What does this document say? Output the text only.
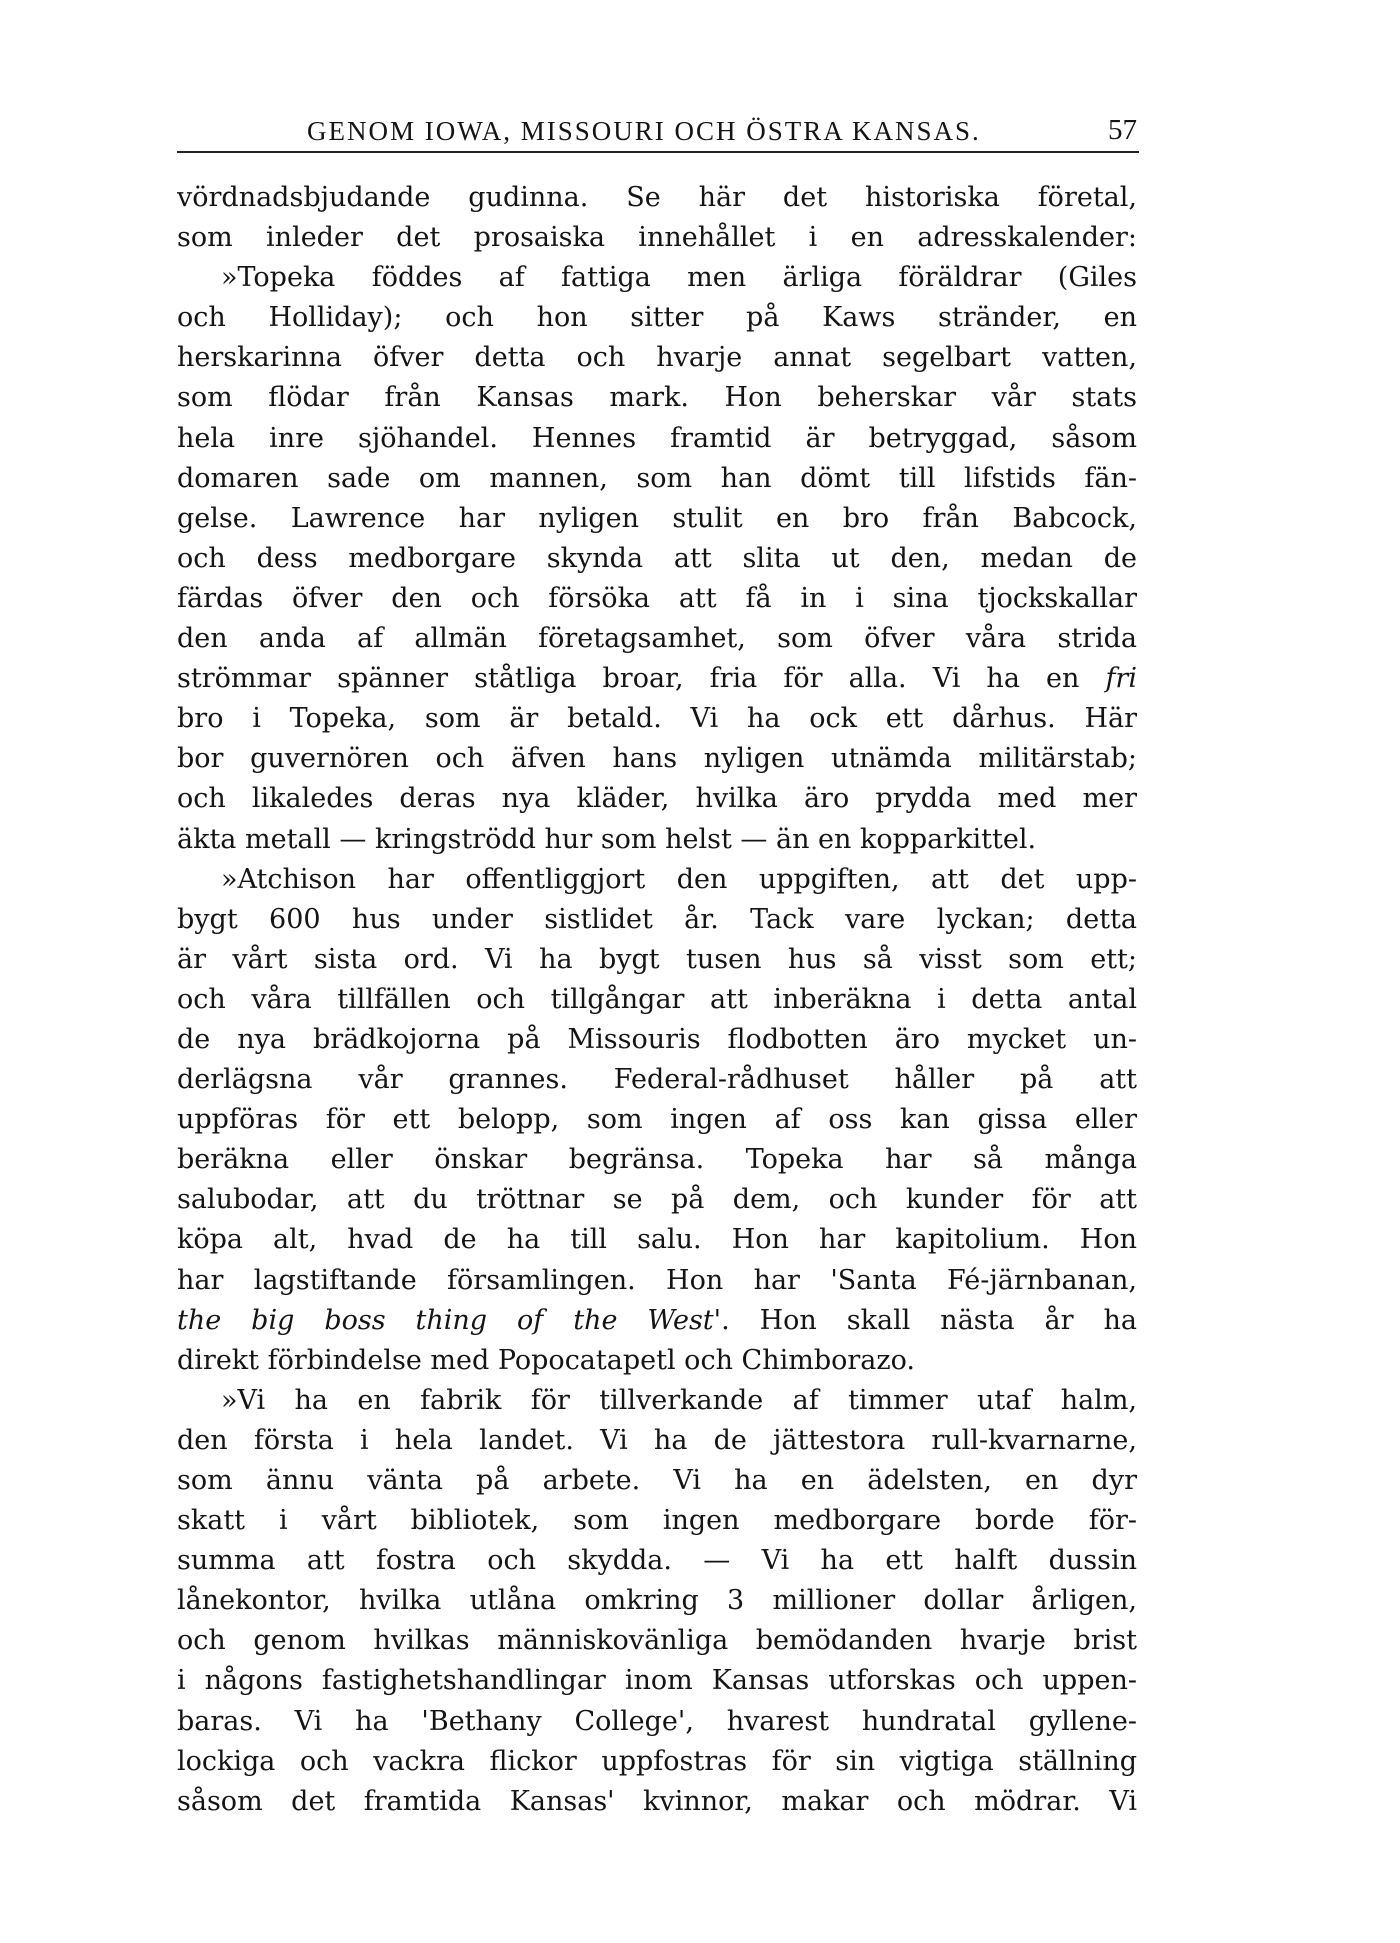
GENOM IOWA, MISSOURI OCH ÖSTRA KANSAS.	57
vördnadsbjudande gudinna. Se här det historiska företal,
som inleder det prosaiska innehållet i en adresskalender:
»Topeka föddes af fattiga men ärliga föräldrar (Giles
och Holliday); och hon sitter på Kaws stränder, en
herskarinna öfver detta och hvarje annat segelbart vatten,
som flödar från Kansas mark. Hon beherskar vår stats
hela inre sjöhandel. Hennes framtid är betryggad, såsom
domaren sade om mannen, som han dömt till lifstids fän-
gelse. Lawrence har nyligen stulit en bro från Babcock,
och dess medborgare skynda att slita ut den, medan de
färdas öfver den och försöka att få in i sina tjockskallar
den anda af allmän företagsamhet, som öfver våra strida
strömmar spänner ståtliga broar, fria för alla. Vi ha en fri
bro i Topeka, som är betald. Vi ha ock ett dårhus. Här
bor guvernören och äfven hans nyligen utnämda militärstab;
och likaledes deras nya kläder, hvilka äro prydda med mer
äkta metall — kringströdd hur som helst — än en kopparkittel.
»Atchison har offentliggjort den uppgiften, att det upp-
bygt 600 hus under sistlidet år. Tack vare lyckan; detta
är vårt sista ord. Vi ha bygt tusen hus så visst som ett;
och våra tillfällen och tillgångar att inberäkna i detta antal
de nya brädkojorna på Missouris flodbotten äro mycket un-
derlägsna vår grannes. Federal-rådhuset håller på att
uppföras för ett belopp, som ingen af oss kan gissa eller
beräkna eller önskar begränsa. Topeka har så många
salubodar, att du tröttnar se på dem, och kunder för att
köpa alt, hvad de ha till salu. Hon har kapitolium. Hon
har lagstiftande församlingen. Hon har 'Santa Fé-järnbanan,
the big boss thing of the West'. Hon skall nästa år ha
direkt förbindelse med Popocatapetl och Chimborazo.
»Vi ha en fabrik för tillverkande af timmer utaf halm,
den första i hela landet. Vi ha de jättestora rull-kvarnarne,
som ännu vänta på arbete. Vi ha en ädelsten, en dyr
skatt i vårt bibliotek, som ingen medborgare borde för-
summa att fostra och skydda. — Vi ha ett halft dussin
lånekontor, hvilka utlåna omkring 3 millioner dollar årligen,
och genom hvilkas människovänliga bemödanden hvarje brist
i någons fastighetshandlingar inom Kansas utforskas och uppen-
baras. Vi ha 'Bethany College', hvarest hundratal gyllene-
lockiga och vackra flickor uppfostras för sin vigtiga ställning
såsom det framtida Kansas' kvinnor, makar och mödrar. Vi
